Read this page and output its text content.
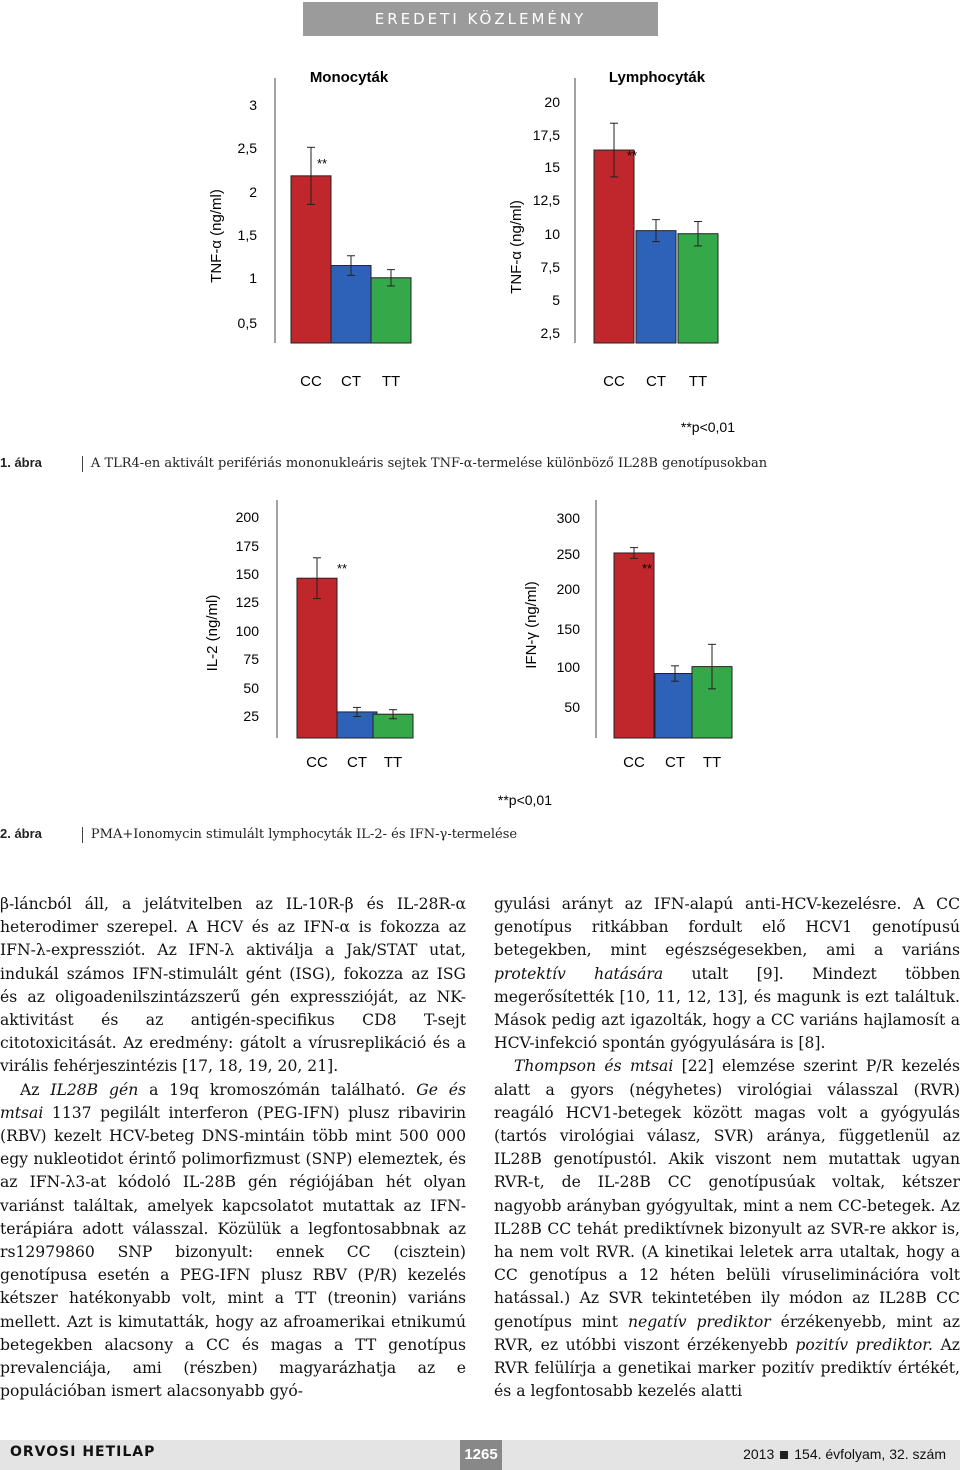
EREDETI KÖZLEMÉNY
Monocyták
TNF-α (ng/ml)
0,5
1
1,5
2
2,5
3
CC CT TT
**
Lymphocyták
TNF-α (ng/ml)
2,5
5
7,5
10
12,5
15
17,5
20
CC CT TT
**
IL-2 (ng/ml)
25
50
75
100
125
150
175
200
CC CT TT
**
IFN-γ (ng/ml)
50
100
150
200
250
300
CC CT TT
**
**p<0,01
**p<0,01
1. ábra	A TLR4-en aktivált perifériás mononukleáris sejtek TNF-α-termelése különböző IL28B genotípusokban
2. ábra	PMA+Ionomycin stimulált lymphocyták IL-2- és IFN-γ-termelése

β-láncból áll, a jelátvitelben az IL-10R-β és IL-28R-α heterodimer szerepel. A HCV és az IFN-α is fokozza az IFN-λ-expressziót. Az IFN-λ aktiválja a Jak/STAT utat, indukál számos IFN-stimulált gént (ISG), fokozza az ISG és az oligoadenilszintázszerű gén expresszióját, az NK-aktivitást és az antigén-specifikus CD8 T-sejt citotoxicitását. Az eredmény: gátolt a vírusreplikáció és a virális fehérjeszintézis [17, 18, 19, 20, 21].

Az IL28B gén a 19q kromoszómán található. Ge és mtsai 1137 pegilált interferon (PEG-IFN) plusz ribavirin (RBV) kezelt HCV-beteg DNS-mintáin több mint 500 000 egy nukleotidot érintő polimorfizmust (SNP) elemeztek, és az IFN-λ3-at kódoló IL-28B gén régiójában hét olyan variánst találtak, amelyek kapcsolatot mutattak az IFN-terápiára adott válasszal. Közülük a legfontosabbnak az rs12979860 SNP bizonyult: ennek CC (cisztein) genotípusa esetén a PEG-IFN plusz RBV (P/R) kezelés kétszer hatékonyabb volt, mint a TT (treonin) variáns mellett. Azt is kimutatták, hogy az afroamerikai etnikumú betegekben alacsony a CC és magas a TT genotípus prevalenciája, ami (részben) magyarázhatja az e populációban ismert alacsonyabb gyó-

gyulási arányt az IFN-alapú anti-HCV-kezelésre. A CC genotípus ritkábban fordult elő HCV1 genotípusú betegekben, mint egészségesekben, ami a variáns protektív hatására utalt [9]. Mindezt többen megerősítették [10, 11, 12, 13], és magunk is ezt találtuk. Mások pedig azt igazolták, hogy a CC variáns hajlamosít a HCV-infekció spontán gyógyulására is [8].

Thompson és mtsai [22] elemzése szerint P/R kezelés alatt a gyors (négyhetes) virológiai válasszal (RVR) reagáló HCV1-betegek között magas volt a gyógyulás (tartós virológiai válasz, SVR) aránya, függetlenül az IL28B genotípustól. Akik viszont nem mutattak ugyan RVR-t, de IL-28B CC genotípusúak voltak, kétszer nagyobb arányban gyógyultak, mint a nem CC-betegek. Az IL28B CC tehát prediktívnek bizonyult az SVR-re akkor is, ha nem volt RVR. (A kinetikai leletek arra utaltak, hogy a CC genotípus a 12 héten belüli víruseliminációra volt hatással.) Az SVR tekintetében ily módon az IL28B CC genotípus mint negatív prediktor érzékenyebb, mint az RVR, ez utóbbi viszont érzékenyebb pozitív prediktor. Az RVR felülírja a genetikai marker pozitív prediktív értékét, és a legfontosabb kezelés alatti

ORVOSI HETILAP	1265	2013 154. évfolyam, 32. szám
